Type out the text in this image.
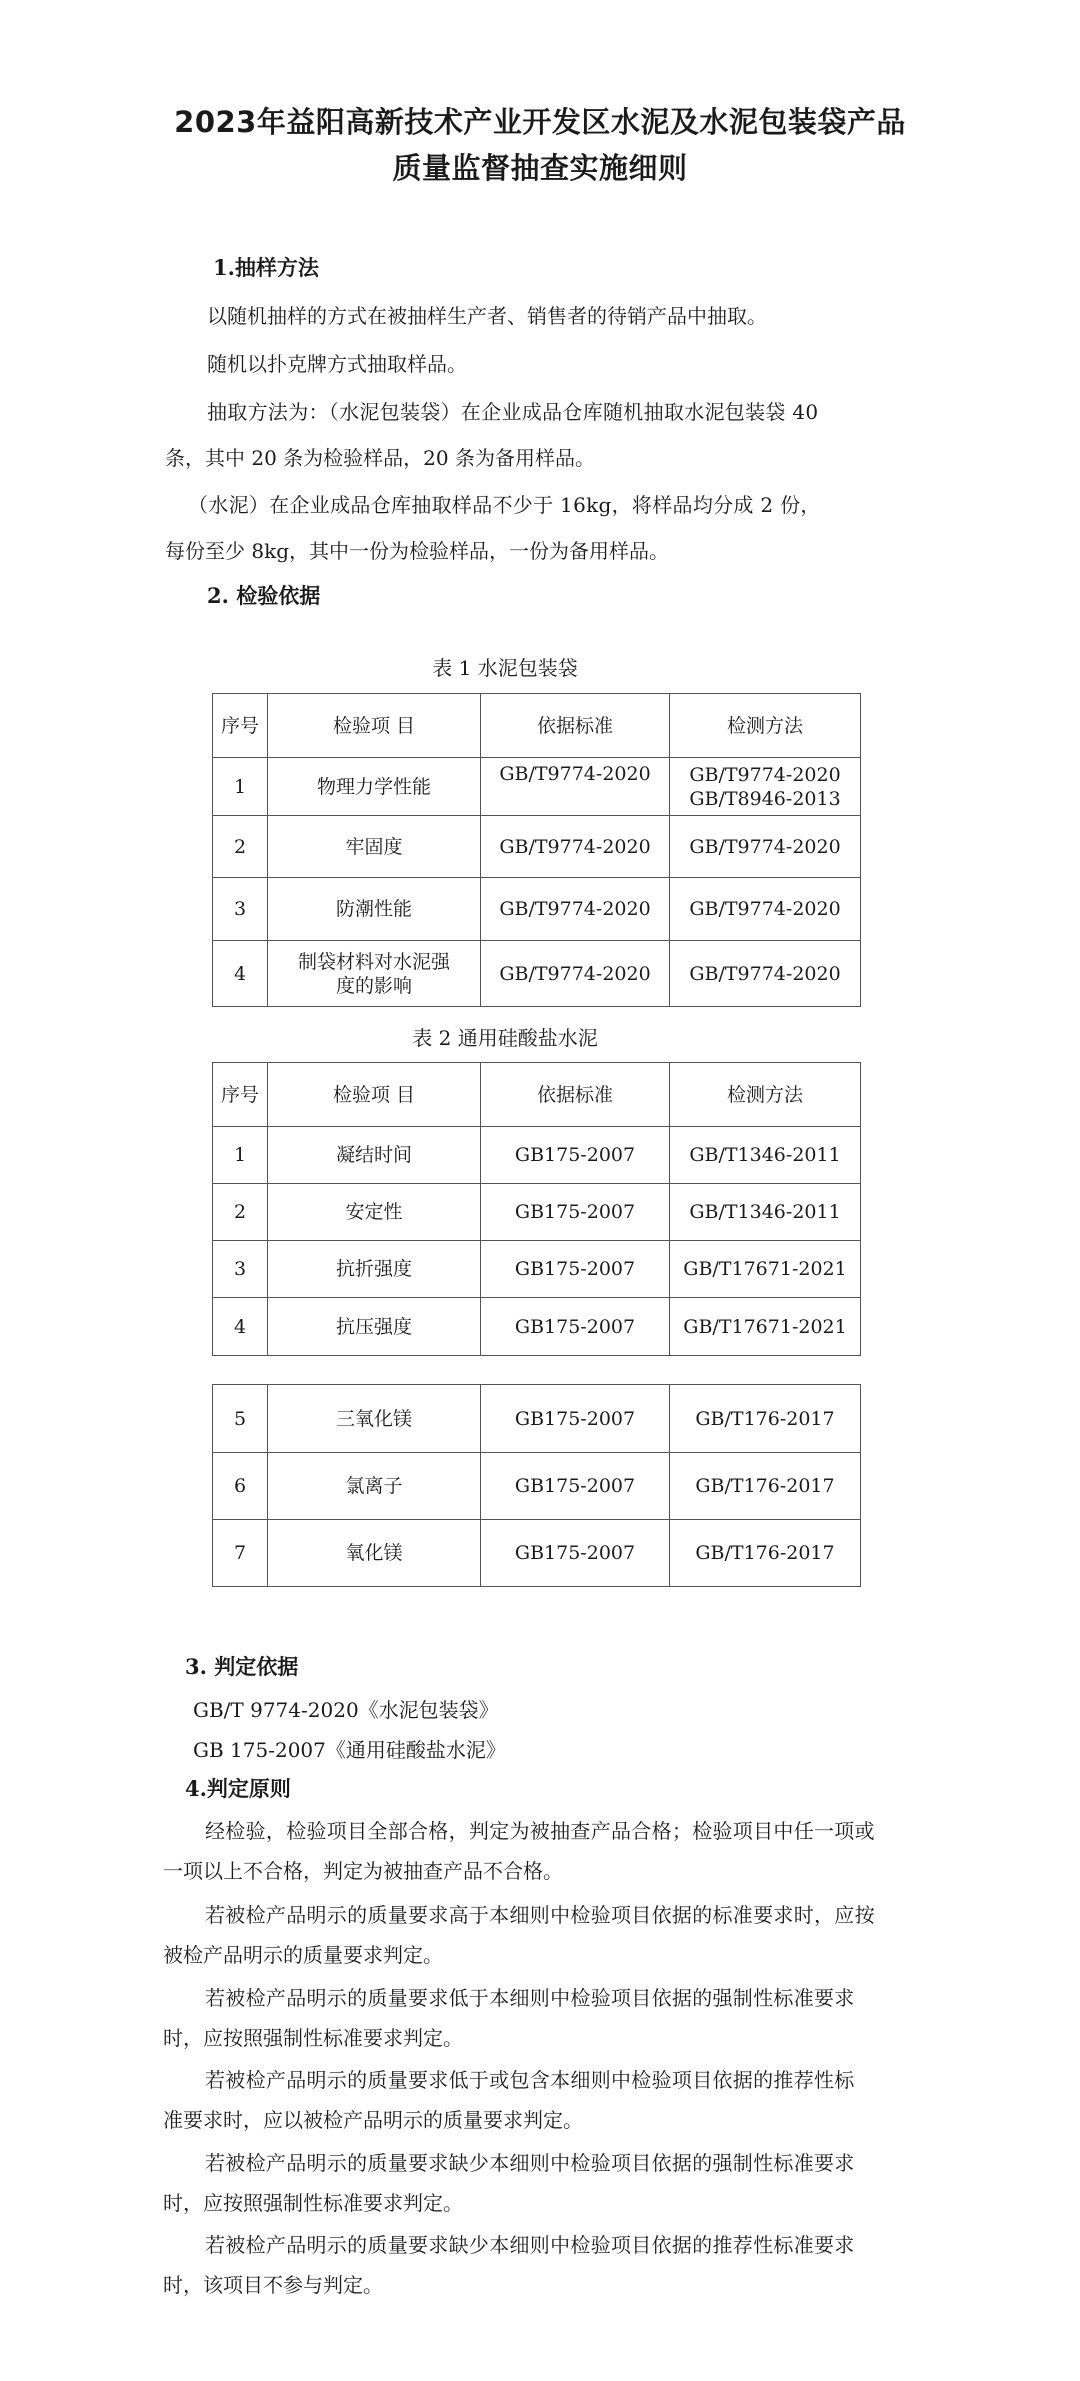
2023年益阳高新技术产业开发区水泥及水泥包装袋产品
质量监督抽查实施细则
1.抽样方法
以随机抽样的方式在被抽样生产者、销售者的待销产品中抽取。
随机以扑克牌方式抽取样品。
抽取方法为：（水泥包装袋）在企业成品仓库随机抽取水泥包装袋 40
条，其中 20 条为检验样品，20 条为备用样品。
（水泥）在企业成品仓库抽取样品不少于 16kg，将样品均分成 2 份，
每份至少 8kg，其中一份为检验样品，一份为备用样品。
2. 检验依据
表 1 水泥包装袋
序号	检验项 目	依据标准	检测方法
1	物理力学性能	GB/T9774-2020	GB/T9774-2020
GB/T8946-2013

2	牢固度	GB/T9774-2020	GB/T9774-2020
3	防潮性能	GB/T9774-2020	GB/T9774-2020
4	制袋材料对水泥强
度的影响	GB/T9774-2020	GB/T9774-2020
表 2 通用硅酸盐水泥
序号	检验项 目	依据标准	检测方法
1	凝结时间	GB175-2007	GB/T1346-2011
2	安定性	GB175-2007	GB/T1346-2011
3	抗折强度	GB175-2007	GB/T17671-2021
4	抗压强度	GB175-2007	GB/T17671-2021
5	三氧化镁	GB175-2007	GB/T176-2017
6	氯离子	GB175-2007	GB/T176-2017
7	氧化镁	GB175-2007	GB/T176-2017
3. 判定依据
GB/T 9774-2020《水泥包装袋》
GB 175-2007《通用硅酸盐水泥》
4.判定原则
经检验，检验项目全部合格，判定为被抽查产品合格；检验项目中任一项或
一项以上不合格，判定为被抽查产品不合格。
若被检产品明示的质量要求高于本细则中检验项目依据的标准要求时，应按
被检产品明示的质量要求判定。
若被检产品明示的质量要求低于本细则中检验项目依据的强制性标准要求
时，应按照强制性标准要求判定。
若被检产品明示的质量要求低于或包含本细则中检验项目依据的推荐性标
准要求时，应以被检产品明示的质量要求判定。
若被检产品明示的质量要求缺少本细则中检验项目依据的强制性标准要求
时，应按照强制性标准要求判定。
若被检产品明示的质量要求缺少本细则中检验项目依据的推荐性标准要求
时，该项目不参与判定。
